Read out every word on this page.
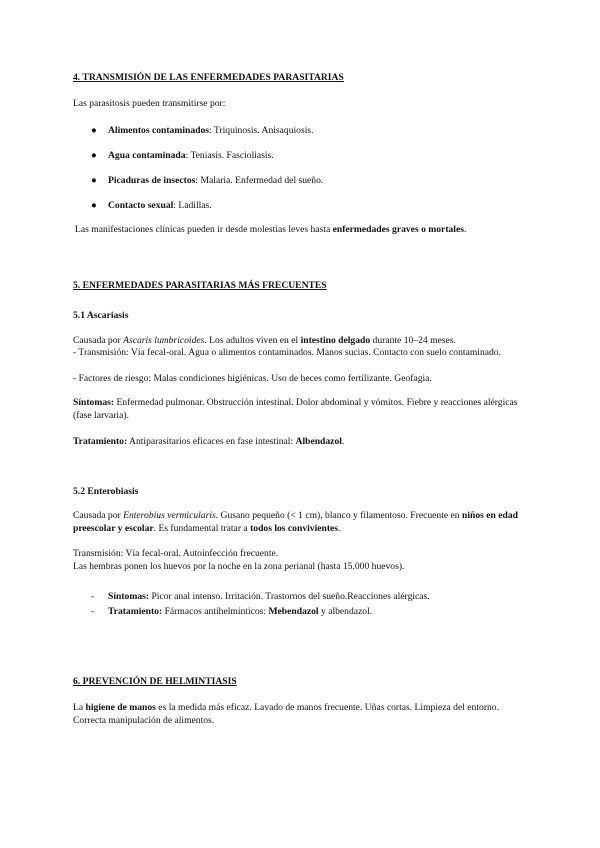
4. TRANSMISIÓN DE LAS ENFERMEDADES PARASITARIAS

Las parasitosis pueden transmitirse por:

● Alimentos contaminados: Triquinosis. Anisaquiosis.

● Agua contaminada: Teniasis. Fascioliasis.

● Picaduras de insectos: Malaria. Enfermedad del sueño.

● Contacto sexual: Ladillas.

Las manifestaciones clínicas pueden ir desde molestias leves hasta enfermedades graves o mortales.

5. ENFERMEDADES PARASITARIAS MÁS FRECUENTES

5.1 Ascariasis

Causada por Ascaris lumbricoides. Los adultos viven en el intestino delgado durante 10–24 meses.

- Transmisión: Vía fecal-oral. Agua o alimentos contaminados. Manos sucias. Contacto con suelo contaminado.

- Factores de riesgo: Malas condiciones higiénicas. Uso de heces como fertilizante. Geofagia.

Síntomas: Enfermedad pulmonar. Obstrucción intestinal. Dolor abdominal y vómitos. Fiebre y reacciones alérgicas (fase larvaria).

Tratamiento: Antiparasitarios eficaces en fase intestinal: Albendazol.

5.2 Enterobiasis

Causada por Enterobius vermicularis. Gusano pequeño (< 1 cm), blanco y filamentoso. Frecuente en niños en edad preescolar y escolar. Es fundamental tratar a todos los convivientes.

Transmisión: Vía fecal-oral. Autoinfección frecuente.

Las hembras ponen los huevos por la noche en la zona perianal (hasta 15.000 huevos).

- Síntomas: Picor anal intenso. Irritación. Trastornos del sueño.Reacciones alérgicas.

- Tratamiento: Fármacos antihelmínticos: Mebendazol y albendazol.

6. PREVENCIÓN DE HELMINTIASIS

La higiene de manos es la medida más eficaz. Lavado de manos frecuente. Uñas cortas. Limpieza del entorno. Correcta manipulación de alimentos.
